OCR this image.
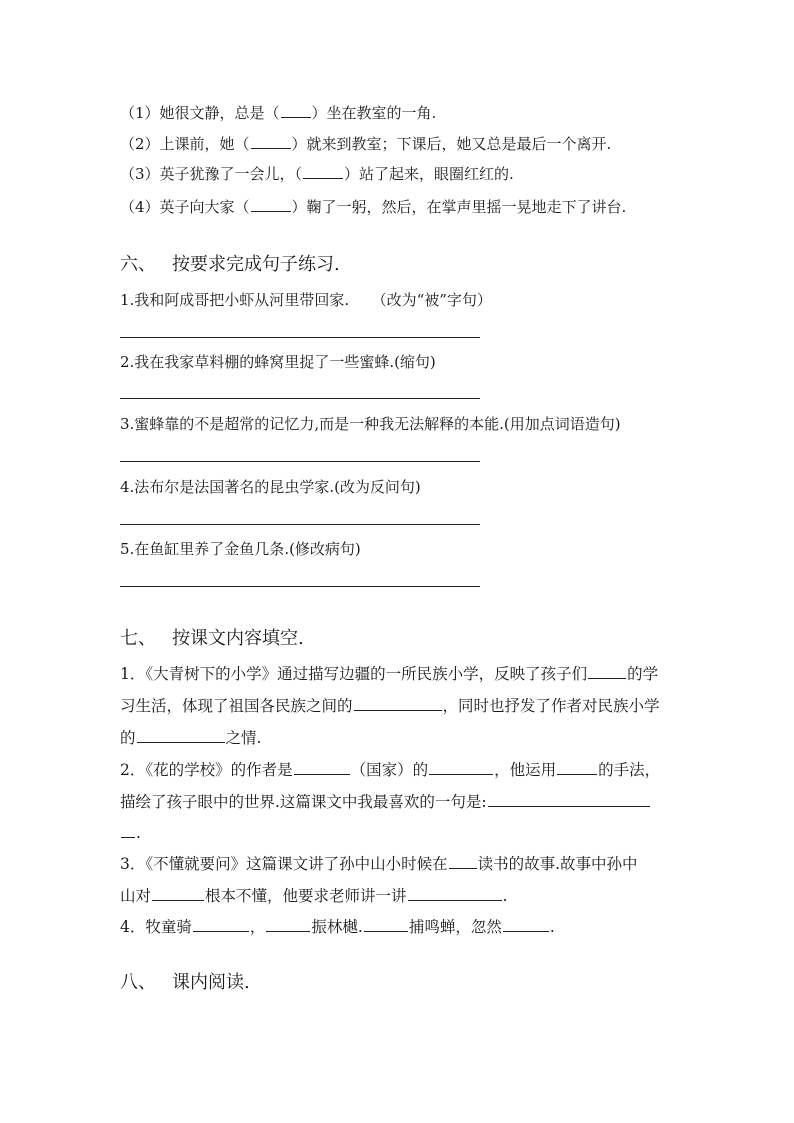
（1）她很文静，总是（ ）坐在教室的一角.
（2）上课前，她（	）就来到教室；下课后，她又总是最后一个离开.
（3）英子犹豫了一会儿，（	）站了起来，眼圈红红的.
（4）英子向大家（	）鞠了一躬，然后，在掌声里摇一晃地走下了讲台.
六、 按要求完成句子练习.
1.我和阿成哥把小虾从河里带回家.　　（改为“被”字句）
2.我在我家草料棚的蜂窝里捉了一些蜜蜂.(缩句)
3.蜜蜂靠的不是超常的记忆力,而是一种我无法解释的本能.(用加点词语造句)
4.法布尔是法国著名的昆虫学家.(改为反问句)
5.在鱼缸里养了金鱼几条.(修改病句)
七、 按课文内容填空.
1．《大青树下的小学》通过描写边疆的一所民族小学，反映了孩子们	的学
习生活，体现了祖国各民族之间的	，同时也抒发了作者对民族小学
的	之情.
2．《花的学校》的作者是	（国家）的	，他运用	的手法，
描绘了孩子眼中的世界.这篇课文中我最喜欢的一句是:
.
3．《不懂就要问》这篇课文讲了孙中山小时候在 读书的故事.故事中孙中
山对	根本不懂，他要求老师讲一讲	.
4．牧童骑	，	振林樾.	捕鸣蝉，忽然	.
八、 课内阅读.
